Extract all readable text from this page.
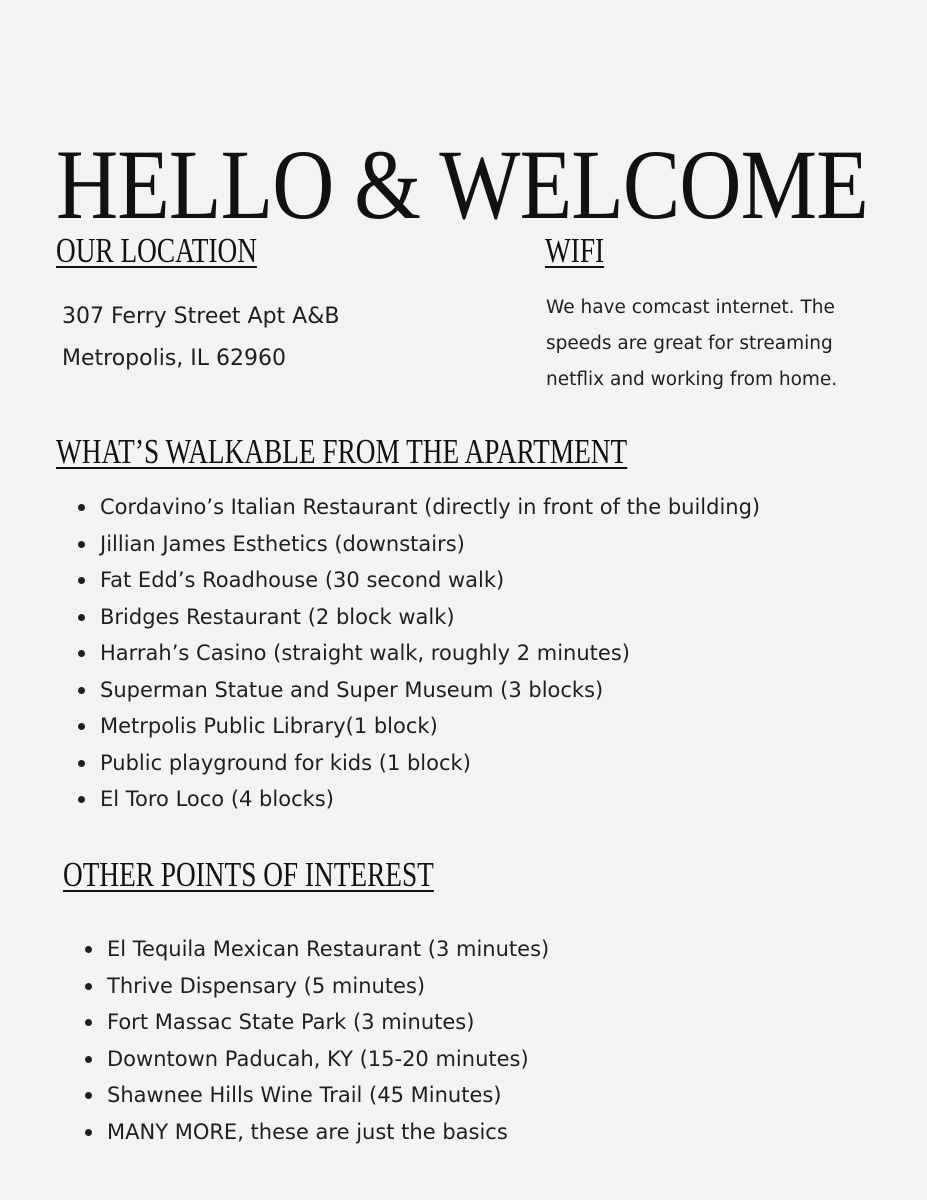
HELLO & WELCOME
OUR LOCATION
307 Ferry Street Apt A&B
Metropolis, IL 62960
WIFI
We have comcast internet. The speeds are great for streaming netflix and working from home.
WHAT’S WALKABLE FROM THE APARTMENT
Cordavino’s Italian Restaurant (directly in front of the building)
Jillian James Esthetics (downstairs)
Fat Edd’s Roadhouse (30 second walk)
Bridges Restaurant (2 block walk)
Harrah’s Casino (straight walk, roughly 2 minutes)
Superman Statue and Super Museum (3 blocks)
Metrpolis Public Library(1 block)
Public playground for kids (1 block)
El Toro Loco (4 blocks)
OTHER POINTS OF INTEREST
El Tequila Mexican Restaurant (3 minutes)
Thrive Dispensary (5 minutes)
Fort Massac State Park (3 minutes)
Downtown Paducah, KY (15-20 minutes)
Shawnee Hills Wine Trail (45 Minutes)
MANY MORE, these are just the basics
